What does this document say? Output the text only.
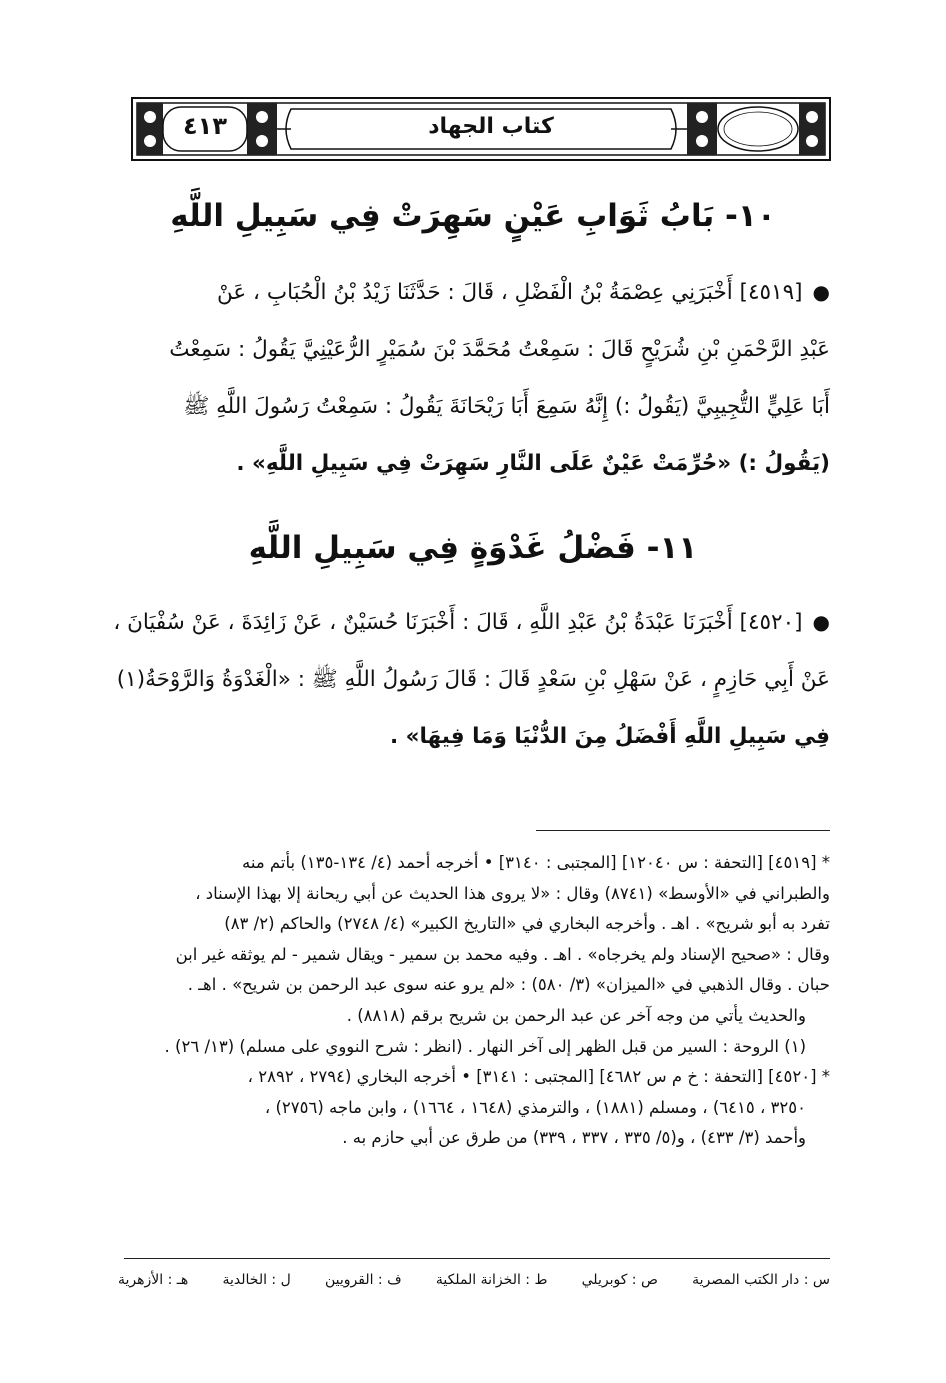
٤١٣	كتاب الجهاد
١٠- بَابُ ثَوَابِ عَيْنٍ سَهِرَتْ فِي سَبِيلِ اللَّهِ
●[٤٥١٩] أَخْبَرَنِي عِصْمَةُ بْنُ الْفَضْلِ ، قَالَ : حَدَّثَنَا زَيْدُ بْنُ الْحُبَابِ ، عَنْ
عَبْدِ الرَّحْمَنِ بْنِ شُرَيْحٍ قَالَ : سَمِعْتُ مُحَمَّدَ بْنَ سُمَيْرٍ الرُّعَيْنِيَّ يَقُولُ : سَمِعْتُ
أَبَا عَلِيٍّ التُّجِيبِيَّ (يَقُولُ :) إِنَّهُ سَمِعَ أَبَا رَيْحَانَةَ يَقُولُ : سَمِعْتُ رَسُولَ اللَّهِ ﷺ
(يَقُولُ :) «حُرِّمَتْ عَيْنٌ عَلَى النَّارِ سَهِرَتْ فِي سَبِيلِ اللَّهِ» .
١١- فَضْلُ غَدْوَةٍ فِي سَبِيلِ اللَّهِ
●[٤٥٢٠] أَخْبَرَنَا عَبْدَةُ بْنُ عَبْدِ اللَّهِ ، قَالَ : أَخْبَرَنَا حُسَيْنٌ ، عَنْ زَائِدَةَ ، عَنْ سُفْيَانَ ،
عَنْ أَبِي حَازِمٍ ، عَنْ سَهْلِ بْنِ سَعْدٍ قَالَ : قَالَ رَسُولُ اللَّهِ ﷺ : «الْغَدْوَةُ وَالرَّوْحَةُ(١)
فِي سَبِيلِ اللَّهِ أَفْضَلُ مِنَ الدُّنْيَا وَمَا فِيهَا» .
* [٤٥١٩] [التحفة : س ١٢٠٤٠] [المجتبى : ٣١٤٠] • أخرجه أحمد (٤/ ١٣٤-١٣٥) بأتم منه
والطبراني في «الأوسط» (٨٧٤١) وقال : «لا يروى هذا الحديث عن أبي ريحانة إلا بهذا الإسناد ،
تفرد به أبو شريح» . اهـ . وأخرجه البخاري في «التاريخ الكبير» (٤/ ٢٧٤٨) والحاكم (٢/ ٨٣)
وقال : «صحيح الإسناد ولم يخرجاه» . اهـ . وفيه محمد بن سمير - ويقال شمير - لم يوثقه غير ابن
حبان . وقال الذهبي في «الميزان» (٣/ ٥٨٠) : «لم يرو عنه سوى عبد الرحمن بن شريح» . اهـ .
والحديث يأتي من وجه آخر عن عبد الرحمن بن شريح برقم (٨٨١٨) .
(١) الروحة : السير من قبل الظهر إلى آخر النهار . (انظر : شرح النووي على مسلم) (١٣/ ٢٦) .
* [٤٥٢٠] [التحفة : خ م س ٤٦٨٢] [المجتبى : ٣١٤١] • أخرجه البخاري (٢٧٩٤ ، ٢٨٩٢ ،
٣٢٥٠ ، ٦٤١٥) ، ومسلم (١٨٨١) ، والترمذي (١٦٤٨ ، ١٦٦٤) ، وابن ماجه (٢٧٥٦) ،
وأحمد (٣/ ٤٣٣) ، و(٥/ ٣٣٥ ، ٣٣٧ ، ٣٣٩) من طرق عن أبي حازم به .
س : دار الكتب المصرية
ص : كوبريلي
ط : الخزانة الملكية
ف : القرويين
ل : الخالدية
هـ : الأزهرية
